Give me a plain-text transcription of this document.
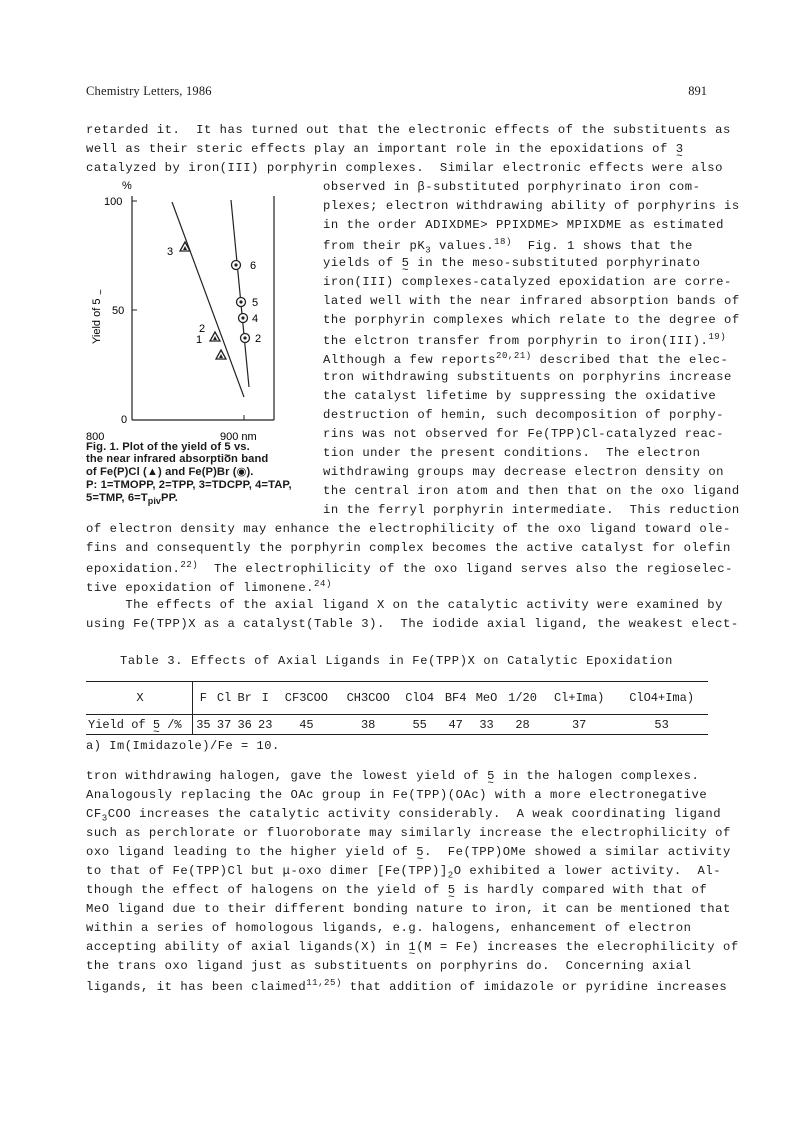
Chemistry Letters, 1986	891
retarded it.  It has turned out that the electronic effects of the substituents as
well as their steric effects play an important role in the epoxidations of 3 ~
catalyzed by iron(III) porphyrin complexes.  Similar electronic effects were also
observed in β-substituted porphyrinato iron com-
plexes; electron withdrawing ability of porphyrins is
in the order ADIXDME> PPIXDME> MPIXDME as estimated
from their $pK_3$ values.$^{18)}$  Fig. 1 shows that the
yields of 5 ~ in the meso-substituted porphyrinato
iron(III) complexes-catalyzed epoxidation are corre-
lated well with the near infrared absorption bands of
the porphyrin complexes which relate to the degree of
the elctron transfer from porphyrin to iron(III).$^{19)}$
Although a few reports$^{20,21)}$ described that the elec-
tron withdrawing substituents on porphyrins increase
the catalyst lifetime by suppressing the oxidative
destruction of hemin, such decomposition of porphy-
rins was not observed for Fe(TPP)Cl-catalyzed reac-
tion under the present conditions.  The electron
withdrawing groups may decrease electron density on
the central iron atom and then that on the oxo ligand
in the ferryl porphyrin intermediate.  This reduction
%
100
50
0
800	900 nm
Yield of 5
~
1
2
3
4
5
6
2
Fig. 1. Plot of the yield of 5 ~ vs.
the near infrared absorption band
of Fe(P)Cl (▲) and Fe(P)Br (◉).
P: 1=TMOPP, 2=TPP, 3=TDCPP, 4=TAP,
5=TMP, $6=T_{piv}PP$.
of electron density may enhance the electrophilicity of the oxo ligand toward ole-
fins and consequently the porphyrin complex becomes the active catalyst for olefin
epoxidation.$^{22)}$  The electrophilicity of the oxo ligand serves also the regioselec-
tive epoxidation of limonene.$^{24)}$
The effects of the axial ligand X on the catalytic activity were examined by
using Fe(TPP)X as a catalyst(Table 3).  The iodide axial ligand, the weakest elect-
Table 3. Effects of Axial Ligands in Fe(TPP)X on Catalytic Epoxidation
X	F	Cl	Br	I	CF3COO	CH3COO	ClO4	BF4	MeO	1/20	Cl+Ima)	ClO4+Ima)
Yield of 5 ~ /%	35	37	36	23	45	38	55	47	33	28	37	53
a) Im(Imidazole)/Fe = 10.
tron withdrawing halogen, gave the lowest yield of 5 ~ in the halogen complexes.
Analogously replacing the OAc group in Fe(TPP)(OAc) with a more electronegative
$CF_3COO$ increases the catalytic activity considerably.  A weak coordinating ligand
such as perchlorate or fluoroborate may similarly increase the electrophilicity of
oxo ligand leading to the higher yield of 5 ~.  Fe(TPP)OMe showed a similar activity
to that of Fe(TPP)Cl but μ-oxo dimer $[Fe(TPP)]_2O$ exhibited a lower activity.  Al-
though the effect of halogens on the yield of 5 ~ is hardly compared with that of
MeO ligand due to their different bonding nature to iron, it can be mentioned that
within a series of homologous ligands, e.g. halogens, enhancement of electron
accepting ability of axial ligands(X) in 1 ~(M = Fe) increases the elecrophilicity of
the trans oxo ligand just as substituents on porphyrins do.  Concerning axial
ligands, it has been claimed$^{11,25)}$ that addition of imidazole or pyridine increases
